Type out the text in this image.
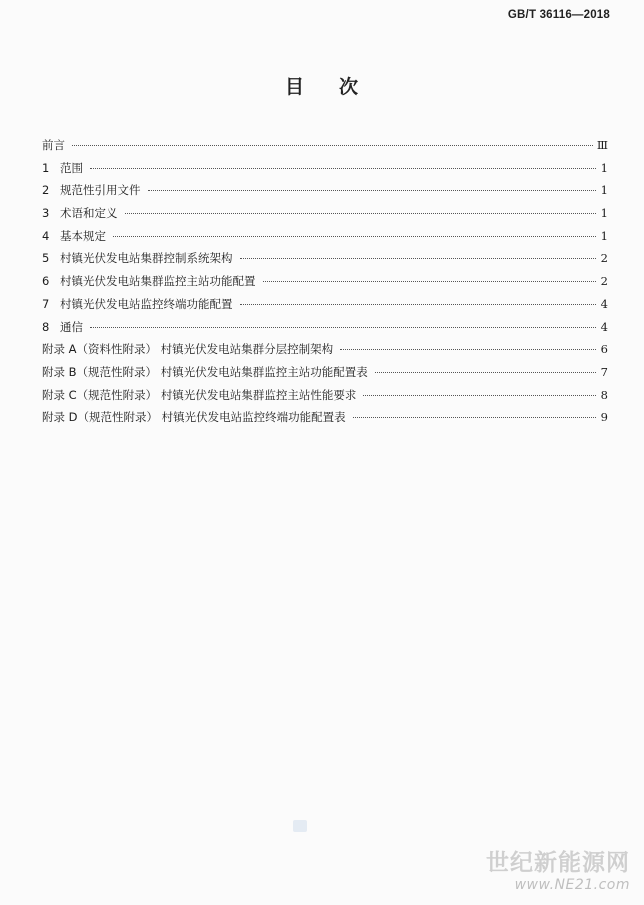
GB/T 36116—2018
目 次
前言	Ⅲ
1 范围	1
2 规范性引用文件	1
3 术语和定义	1
4 基本规定	1
5 村镇光伏发电站集群控制系统架构	2
6 村镇光伏发电站集群监控主站功能配置	2
7 村镇光伏发电站监控终端功能配置	4
8 通信	4
附录 A（资料性附录） 村镇光伏发电站集群分层控制架构	6
附录 B（规范性附录） 村镇光伏发电站集群监控主站功能配置表	7
附录 C（规范性附录） 村镇光伏发电站集群监控主站性能要求	8
附录 D（规范性附录） 村镇光伏发电站监控终端功能配置表	9
世纪新能源网
www.NE21.com
